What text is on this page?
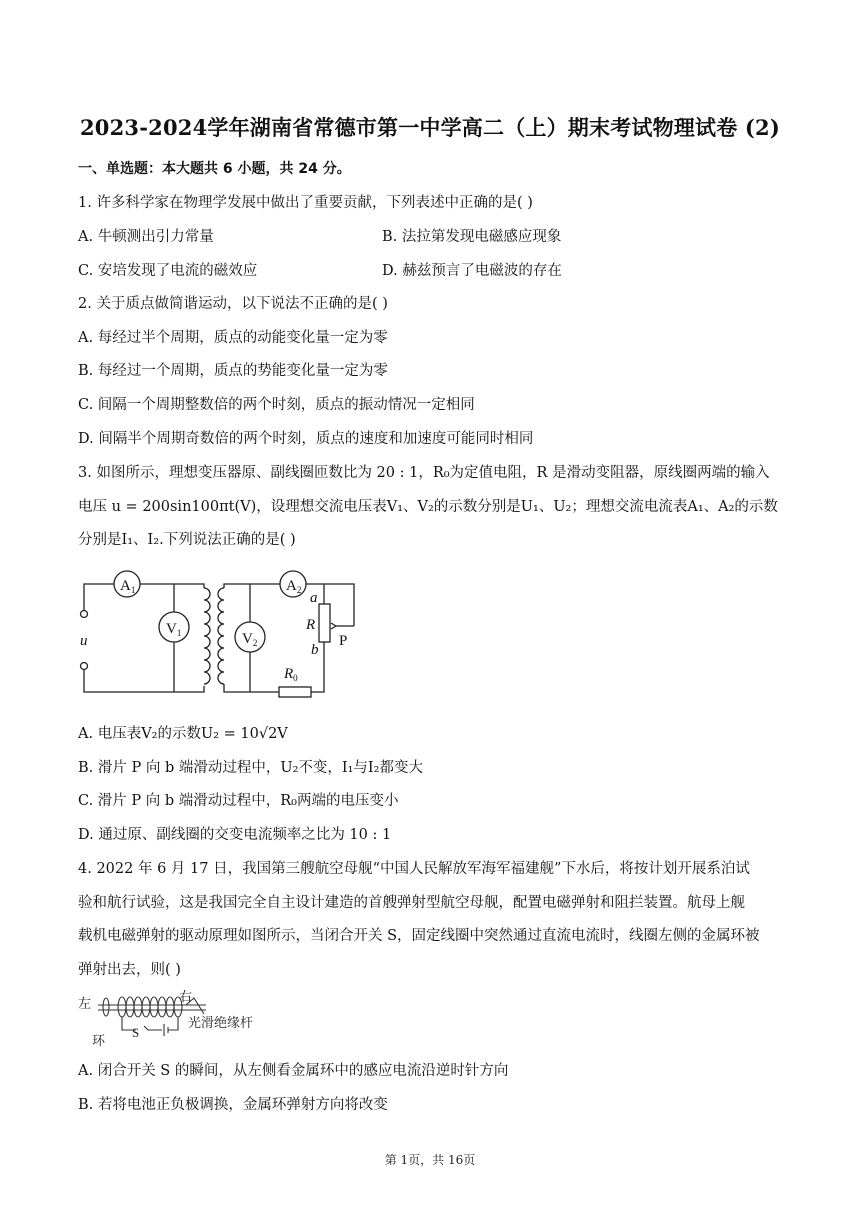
2023-2024学年湖南省常德市第一中学高二（上）期末考试物理试卷 (2)
一、单选题：本大题共 6 小题，共 24 分。
1. 许多科学家在物理学发展中做出了重要贡献，下列表述中正确的是( )
A. 牛顿测出引力常量	B. 法拉第发现电磁感应现象
C. 安培发现了电流的磁效应	D. 赫兹预言了电磁波的存在
2. 关于质点做简谐运动，以下说法不正确的是( )
A. 每经过半个周期，质点的动能变化量一定为零
B. 每经过一个周期，质点的势能变化量一定为零
C. 间隔一个周期整数倍的两个时刻，质点的振动情况一定相同
D. 间隔半个周期奇数倍的两个时刻，质点的速度和加速度可能同时相同
3. 如图所示，理想变压器原、副线圈匝数比为 20 : 1，R₀为定值电阻，R 是滑动变阻器，原线圈两端的输入
电压 u = 200sin100πt(V)，设理想交流电压表V₁、V₂的示数分别是U₁、U₂；理想交流电流表A₁、A₂的示数
分别是I₁、I₂.下列说法正确的是( )
$A_1$
$V_1$	$V_2$
$A_2$
u
a
R
b
P
$R_0$
A. 电压表V₂的示数U₂ = 10√2V
B. 滑片 P 向 b 端滑动过程中，U₂不变，I₁与I₂都变大
C. 滑片 P 向 b 端滑动过程中，R₀两端的电压变小
D. 通过原、副线圈的交变电流频率之比为 10 : 1
4. 2022 年 6 月 17 日，我国第三艘航空母舰“中国人民解放军海军福建舰”下水后，将按计划开展系泊试
验和航行试验，这是我国完全自主设计建造的首艘弹射型航空母舰，配置电磁弹射和阻拦装置。航母上舰
载机电磁弹射的驱动原理如图所示，当闭合开关 S，固定线圈中突然通过直流电流时，线圈左侧的金属环被
弹射出去，则( )
左	右
环
S
光滑绝缘杆
A. 闭合开关 S 的瞬间，从左侧看金属环中的感应电流沿逆时针方向
B. 若将电池正负极调换，金属环弹射方向将改变
第 1页，共 16页
